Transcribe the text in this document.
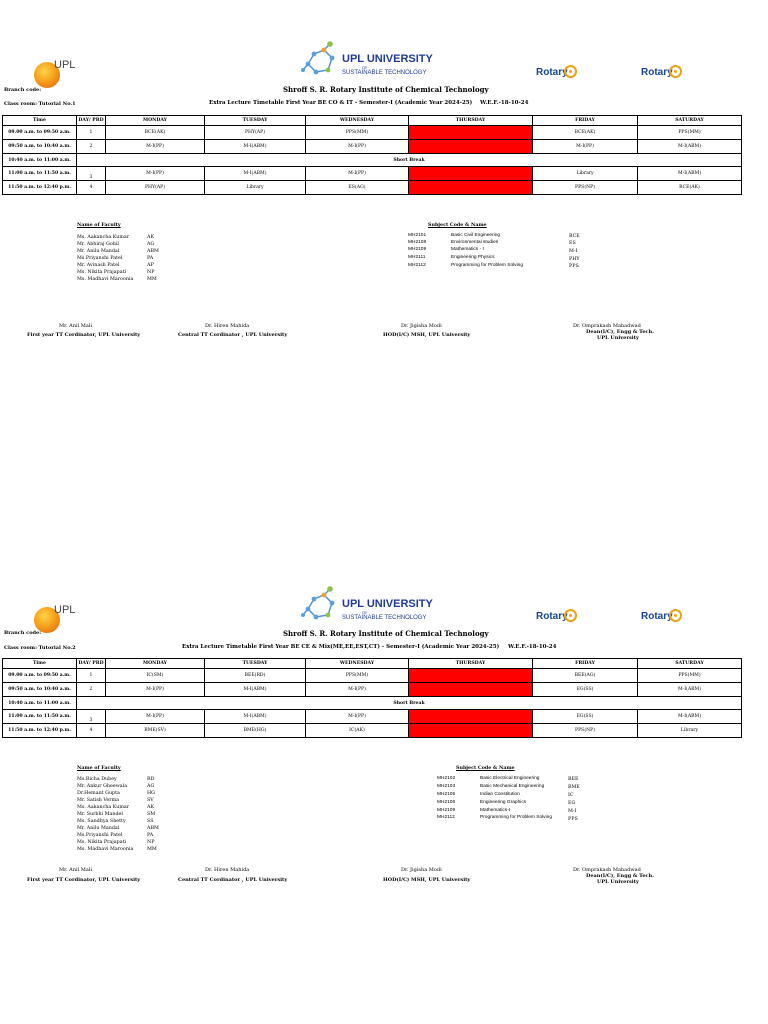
UPL	UPL UNIVERSITY
OF
SUSTAINABLE TECHNOLOGY	Rotary	Rotary
Branch code:	Shroff S. R. Rotary Institute of Chemical Technology
Class room: Tutorial No.1	Extra Lecture Timetable First Year BE CO & IT - Semester-I (Academic Year 2024-25) W.E.F.-18-10-24
Time	DAY/ PRD	MONDAY	TUESDAY	WEDNESDAY	THURSDAY	FRIDAY	SATURDAY
09.00 a.m. to 09:50 a.m.	1	BCE(AK)	PHY(AP)	PPS(MM)		BCE(AK)	PPS(MM)
09:50 a.m. to 10:40 a.m.	2	M-I(PP)	M-I(ABM)	M-I(PP)		M-I(PP)	M-I(ABM)
10:40 a.m. to 11:00 a.m.	Short Break						
11:00 a.m. to 11:50 a.m.	3	M-I(PP)	M-I(ABM)	M-I(PP)		Library	M-I(ABM)
11:50 a.m. to 12:40 p.m.	4	PHY(AP)	Library	ES(AG)		PPS(NP)	BCE(AK)
Name of Faculty
Ms. Aakancha Kumar	AK
Mr. Abhiraj Gohil	AG
Mr. Anilu Mandal	ABM
Ms.Priyanshi Patel	PA
Mr. Avinash Patel	AP
Ms. Nikita Prajapati	NP
Ms. Madhavi Maroonia	MM
Subject Code & Name
MH2101	Basic Civil Engineering	BCE
MH2108	Environmental studies	ES
MH2109	Mathematics - I	M-I
MH2111	Engineering Physics	PHY
MH2112	Programming for Problem Solving	PPS
Mr. Anil Mali
First year TT Cordinator, UPL University
Dr. Hiren Mahida
Central TT Cordinator , UPL University
Dr. Jigisha Modi
HOD(I/C) MSH, UPL University
Dr. Omprakash Mahadwad
Dean(I/C), Engg & Tech.
UPL University
UPL	UPL UNIVERSITY
OF
SUSTAINABLE TECHNOLOGY	Rotary	Rotary
Branch code:	Shroff S. R. Rotary Institute of Chemical Technology
Class room: Tutorial No.2	Extra Lecture Timetable First Year BE CE & Mix(ME,EE,EST,CT) - Semester-I (Academic Year 2024-25) W.E.F.-18-10-24
Time	DAY/ PRD	MONDAY	TUESDAY	WEDNESDAY	THURSDAY	FRIDAY	SATURDAY
09.00 a.m. to 09:50 a.m.	1	IC(SM)	BEE(RD)	PPS(MM)		BEE(AG)	PPS(MM)
09:50 a.m. to 10:40 a.m.	2	M-I(PP)	M-I(ABM)	M-I(PP)		EG(SS)	M-I(ABM)
10:40 a.m. to 11:00 a.m.	Short Break						
11:00 a.m. to 11:50 a.m.	3	M-I(PP)	M-I(ABM)	M-I(PP)		EG(SS)	M-I(ABM)
11:50 a.m. to 12:40 p.m.	4	BME(SV)	BME(HG)	IC(AK)		PPS(NP)	Library
Name of Faculty
Ms.Richa Dubey	RD
Mr. Ankur Gheewala	AG
Dr.Hemant Gupta	HG
Mr. Satish Verma	SV
Ms. Aakancha Kumar	AK
Mr. Surbhi Mandel	SM
Ms. Sandhya Shetty	SS
Mr. Anilu Mandal	ABM
Ms.Priyanshi Patel	PA
Ms. Nikita Prajapati	NP
Ms. Madhavi Maroonia	MM
Subject Code & Name
MH2102	Basic Electrical Engineering	BEE
MH2103	Basic Mechanical Engineering	BME
MH2105	Indian Constitution	IC
MH2106	Engineering Graphics	EG
MH2109	Mathematics-I	M-I
MH2112	Programming for Problem Solving	PPS
Mr. Anil Mali
First year TT Cordinator, UPL University
Dr. Hiren Mahida
Central TT Cordinator , UPL University
Dr. Jigisha Modi
HOD(I/C) MSH, UPL University
Dr. Omprakash Mahadwad
Dean(I/C), Engg & Tech.
UPL University
